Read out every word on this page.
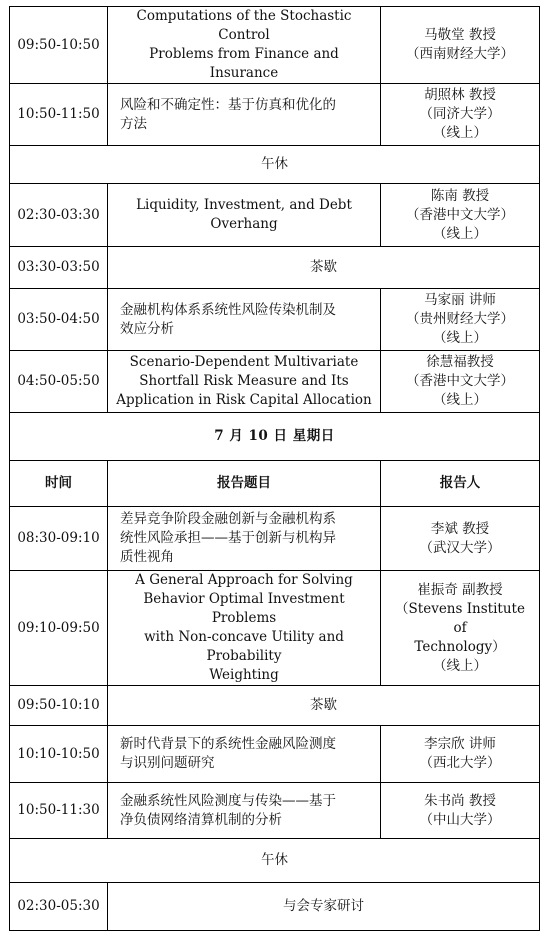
09:50-10:50	Computations of the Stochastic Control
Problems from Finance and Insurance	马敬堂 教授
（西南财经大学）

10:50-11:50	风险和不确定性：基于仿真和优化的
方法	胡照林 教授
（同济大学）
（线上）

午休		
02:30-03:30	Liquidity, Investment, and Debt
Overhang	陈南 教授
（香港中文大学）
（线上）

03:30-03:50	茶歇	
03:50-04:50	金融机构体系系统性风险传染机制及
效应分析	马家丽 讲师
（贵州财经大学）
（线上）

04:50-05:50	Scenario-Dependent Multivariate
Shortfall Risk Measure and Its
Application in Risk Capital Allocation	徐慧福教授
（香港中文大学）
（线上）

7 月 10 日 星期日		
时间	报告题目	报告人
08:30-09:10	差异竞争阶段金融创新与金融机构系
统性风险承担——基于创新与机构异
质性视角	李斌 教授
（武汉大学）

09:10-09:50	A General Approach for Solving
Behavior Optimal Investment Problems
with Non-concave Utility and Probability
Weighting	崔振奇 副教授
（Stevens Institute of
Technology）
（线上）

09:50-10:10	茶歇	
10:10-10:50	新时代背景下的系统性金融风险测度
与识别问题研究	李宗欣 讲师
（西北大学）

10:50-11:30	金融系统性风险测度与传染——基于
净负债网络清算机制的分析	朱书尚 教授
（中山大学）

午休		
02:30-05:30	与会专家研讨	
